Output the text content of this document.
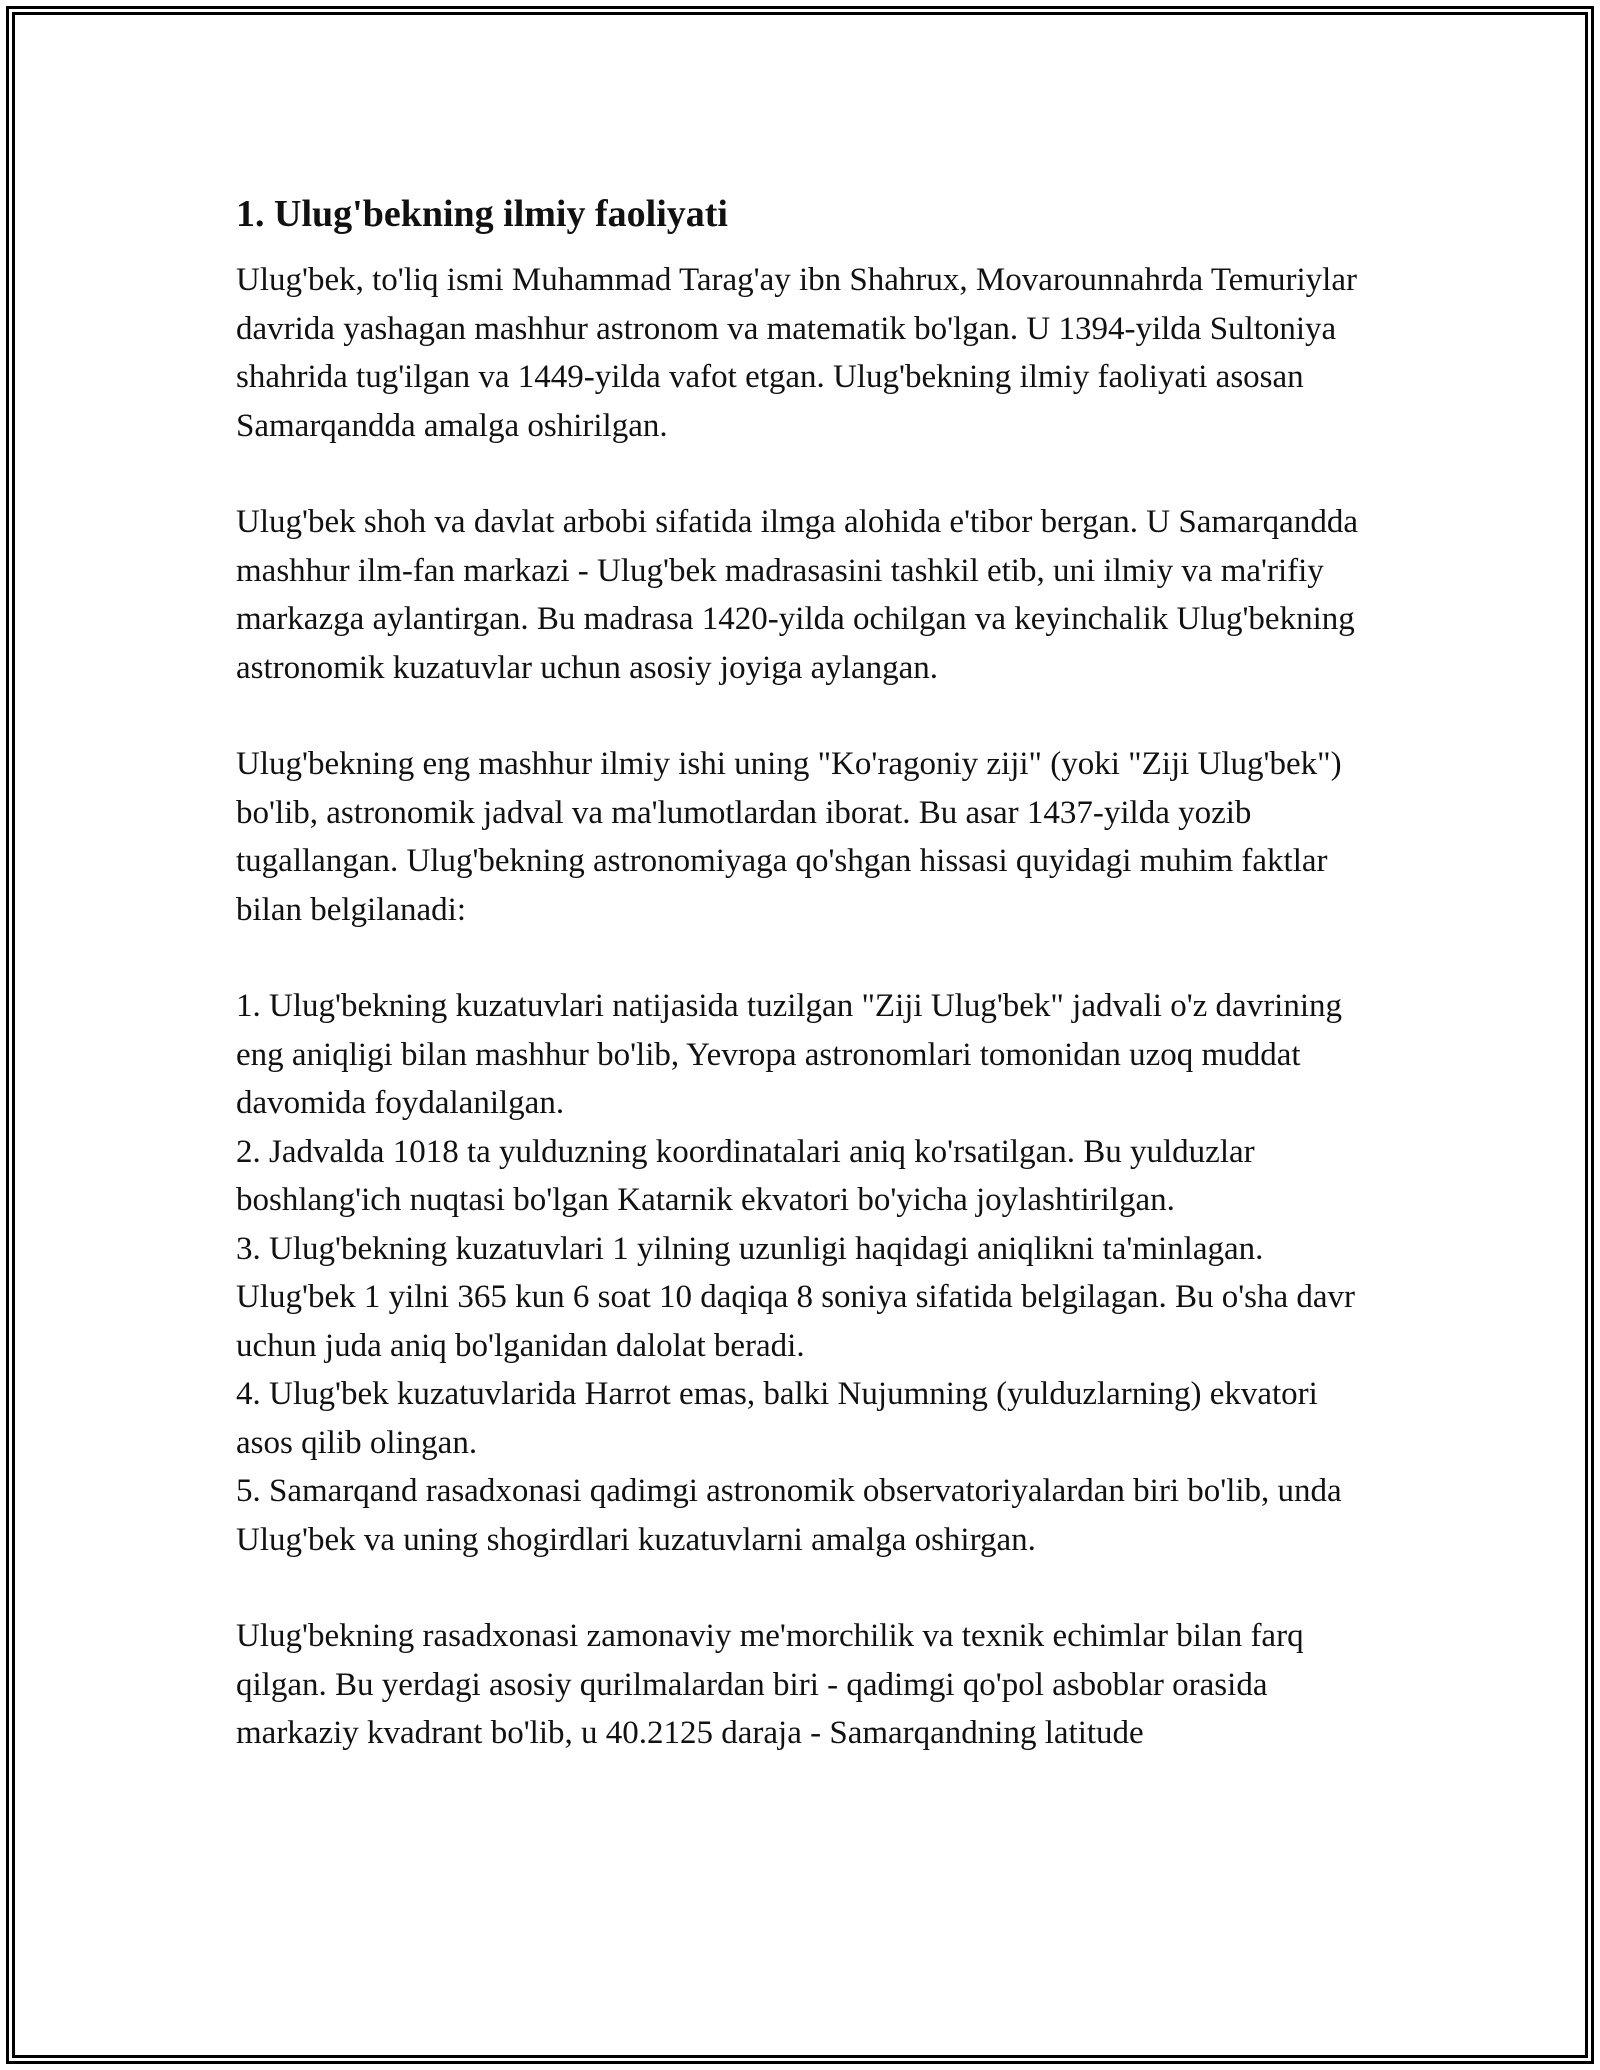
1. Ulug'bekning ilmiy faoliyati

Ulug'bek, to'liq ismi Muhammad Tarag'ay ibn Shahrux, Movarounnahrda Temuriylar davrida yashagan mashhur astronom va matematik bo'lgan. U 1394-yilda Sultoniya shahrida tug'ilgan va 1449-yilda vafot etgan. Ulug'bekning ilmiy faoliyati asosan Samarqandda amalga oshirilgan.

Ulug'bek shoh va davlat arbobi sifatida ilmga alohida e'tibor bergan. U Samarqandda mashhur ilm-fan markazi - Ulug'bek madrasasini tashkil etib, uni ilmiy va ma'rifiy markazga aylantirgan. Bu madrasa 1420-yilda ochilgan va keyinchalik Ulug'bekning astronomik kuzatuvlar uchun asosiy joyiga aylangan.

Ulug'bekning eng mashhur ilmiy ishi uning "Ko'ragoniy ziji" (yoki "Ziji Ulug'bek") bo'lib, astronomik jadval va ma'lumotlardan iborat. Bu asar 1437-yilda yozib tugallangan. Ulug'bekning astronomiyaga qo'shgan hissasi quyidagi muhim faktlar bilan belgilanadi:

1. Ulug'bekning kuzatuvlari natijasida tuzilgan "Ziji Ulug'bek" jadvali o'z davrining eng aniqligi bilan mashhur bo'lib, Yevropa astronomlari tomonidan uzoq muddat davomida foydalanilgan.
2. Jadvalda 1018 ta yulduzning koordinatalari aniq ko'rsatilgan. Bu yulduzlar boshlang'ich nuqtasi bo'lgan Katarnik ekvatori bo'yicha joylashtirilgan.
3. Ulug'bekning kuzatuvlari 1 yilning uzunligi haqidagi aniqlikni ta'minlagan. Ulug'bek 1 yilni 365 kun 6 soat 10 daqiqa 8 soniya sifatida belgilagan. Bu o'sha davr uchun juda aniq bo'lganidan dalolat beradi.
4. Ulug'bek kuzatuvlarida Harrot emas, balki Nujumning (yulduzlarning) ekvatori asos qilib olingan.
5. Samarqand rasadxonasi qadimgi astronomik observatoriyalardan biri bo'lib, unda Ulug'bek va uning shogirdlari kuzatuvlarni amalga oshirgan.

Ulug'bekning rasadxonasi zamonaviy me'morchilik va texnik echimlar bilan farq qilgan. Bu yerdagi asosiy qurilmalardan biri - qadimgi qo'pol asboblar orasida markaziy kvadrant bo'lib, u 40.2125 daraja - Samarqandning latitude
